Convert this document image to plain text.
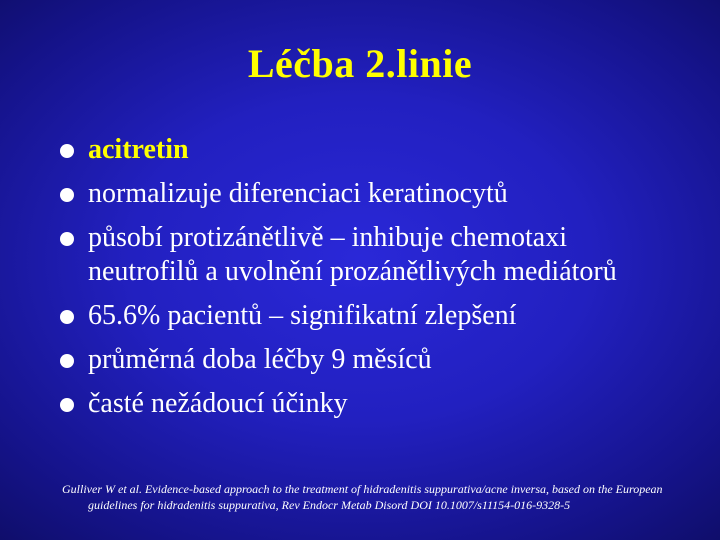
Léčba 2.linie
acitretin
normalizuje diferenciaci keratinocytů
působí protizánětlivě – inhibuje chemotaxi neutrofilů a uvolnění prozánětlivých mediátorů
65.6% pacientů – signifikatní zlepšení
průměrná doba léčby 9 měsíců
časté nežádoucí účinky
Gulliver W et al. Evidence-based approach to the treatment of hidradenitis suppurativa/acne inversa, based on the European guidelines for hidradenitis suppurativa, Rev Endocr Metab Disord DOI 10.1007/s11154-016-9328-5
